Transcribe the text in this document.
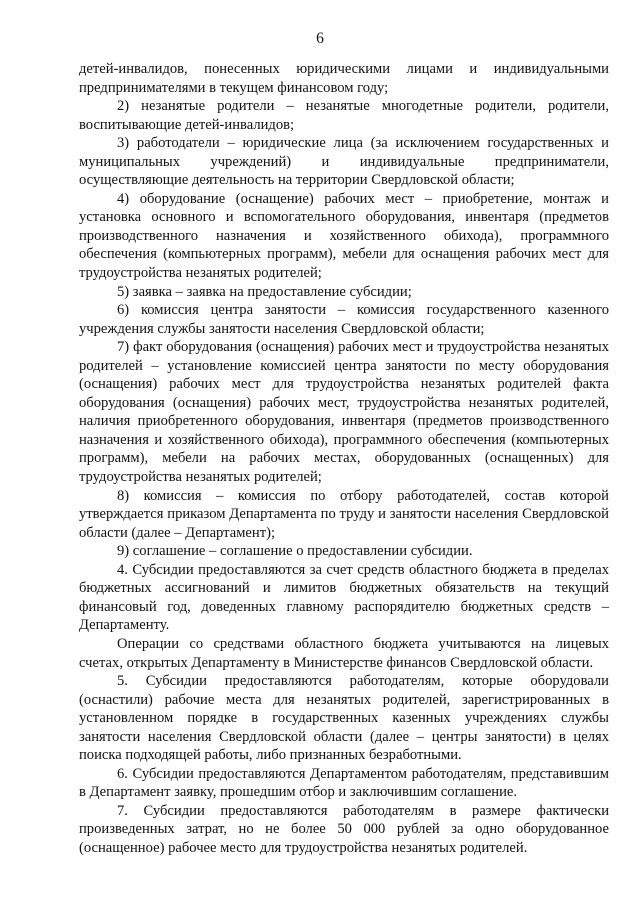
6

детей-инвалидов, понесенных юридическими лицами и индивидуальными предпринимателями в текущем финансовом году;

2) незанятые родители – незанятые многодетные родители, родители, воспитывающие детей-инвалидов;

3) работодатели – юридические лица (за исключением государственных и муниципальных учреждений) и индивидуальные предприниматели, осуществляющие деятельность на территории Свердловской области;

4) оборудование (оснащение) рабочих мест – приобретение, монтаж и установка основного и вспомогательного оборудования, инвентаря (предметов производственного назначения и хозяйственного обихода), программного обеспечения (компьютерных программ), мебели для оснащения рабочих мест для трудоустройства незанятых родителей;

5) заявка – заявка на предоставление субсидии;

6) комиссия центра занятости – комиссия государственного казенного учреждения службы занятости населения Свердловской области;

7) факт оборудования (оснащения) рабочих мест и трудоустройства незанятых родителей – установление комиссией центра занятости по месту оборудования (оснащения) рабочих мест для трудоустройства незанятых родителей факта оборудования (оснащения) рабочих мест, трудоустройства незанятых родителей, наличия приобретенного оборудования, инвентаря (предметов производственного назначения и хозяйственного обихода), программного обеспечения (компьютерных программ), мебели на рабочих местах, оборудованных (оснащенных) для трудоустройства незанятых родителей;

8) комиссия – комиссия по отбору работодателей, состав которой утверждается приказом Департамента по труду и занятости населения Свердловской области (далее – Департамент);

9) соглашение – соглашение о предоставлении субсидии.

4. Субсидии предоставляются за счет средств областного бюджета в пределах бюджетных ассигнований и лимитов бюджетных обязательств на текущий финансовый год, доведенных главному распорядителю бюджетных средств – Департаменту.

Операции со средствами областного бюджета учитываются на лицевых счетах, открытых Департаменту в Министерстве финансов Свердловской области.

5. Субсидии предоставляются работодателям, которые оборудовали (оснастили) рабочие места для незанятых родителей, зарегистрированных в установленном порядке в государственных казенных учреждениях службы занятости населения Свердловской области (далее – центры занятости) в целях поиска подходящей работы, либо признанных безработными.

6. Субсидии предоставляются Департаментом работодателям, представившим в Департамент заявку, прошедшим отбор и заключившим соглашение.

7. Субсидии предоставляются работодателям в размере фактически произведенных затрат, но не более 50 000 рублей за одно оборудованное (оснащенное) рабочее место для трудоустройства незанятых родителей.
